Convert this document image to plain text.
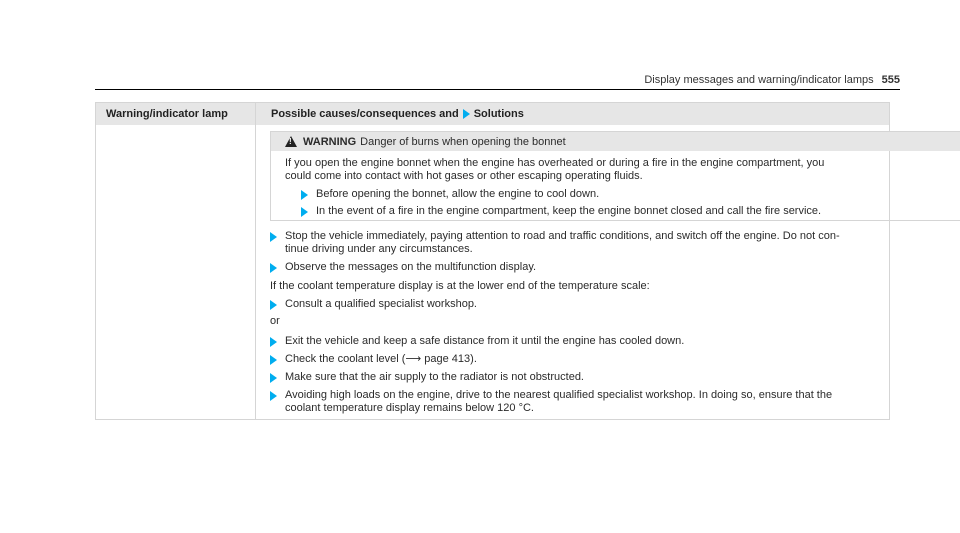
Display messages and warning/indicator lamps 555
Warning/indicator lamp	Possible causes/consequences and Solutions
!
WARNING Danger of burns when opening the bonnet
If you open the engine bonnet when the engine has overheated or during a fire in the engine compartment, you
could come into contact with hot gases or other escaping operating fluids.
Before opening the bonnet, allow the engine to cool down.
In the event of a fire in the engine compartment, keep the engine bonnet closed and call the fire service.
Stop the vehicle immediately, paying attention to road and traffic conditions, and switch off the engine. Do not con-
tinue driving under any circumstances.
Observe the messages on the multifunction display.
If the coolant temperature display is at the lower end of the temperature scale:
Consult a qualified specialist workshop.
or
Exit the vehicle and keep a safe distance from it until the engine has cooled down.
Check the coolant level (⟶ page 413).
Make sure that the air supply to the radiator is not obstructed.
Avoiding high loads on the engine, drive to the nearest qualified specialist workshop. In doing so, ensure that the
coolant temperature display remains below 120 °C.
